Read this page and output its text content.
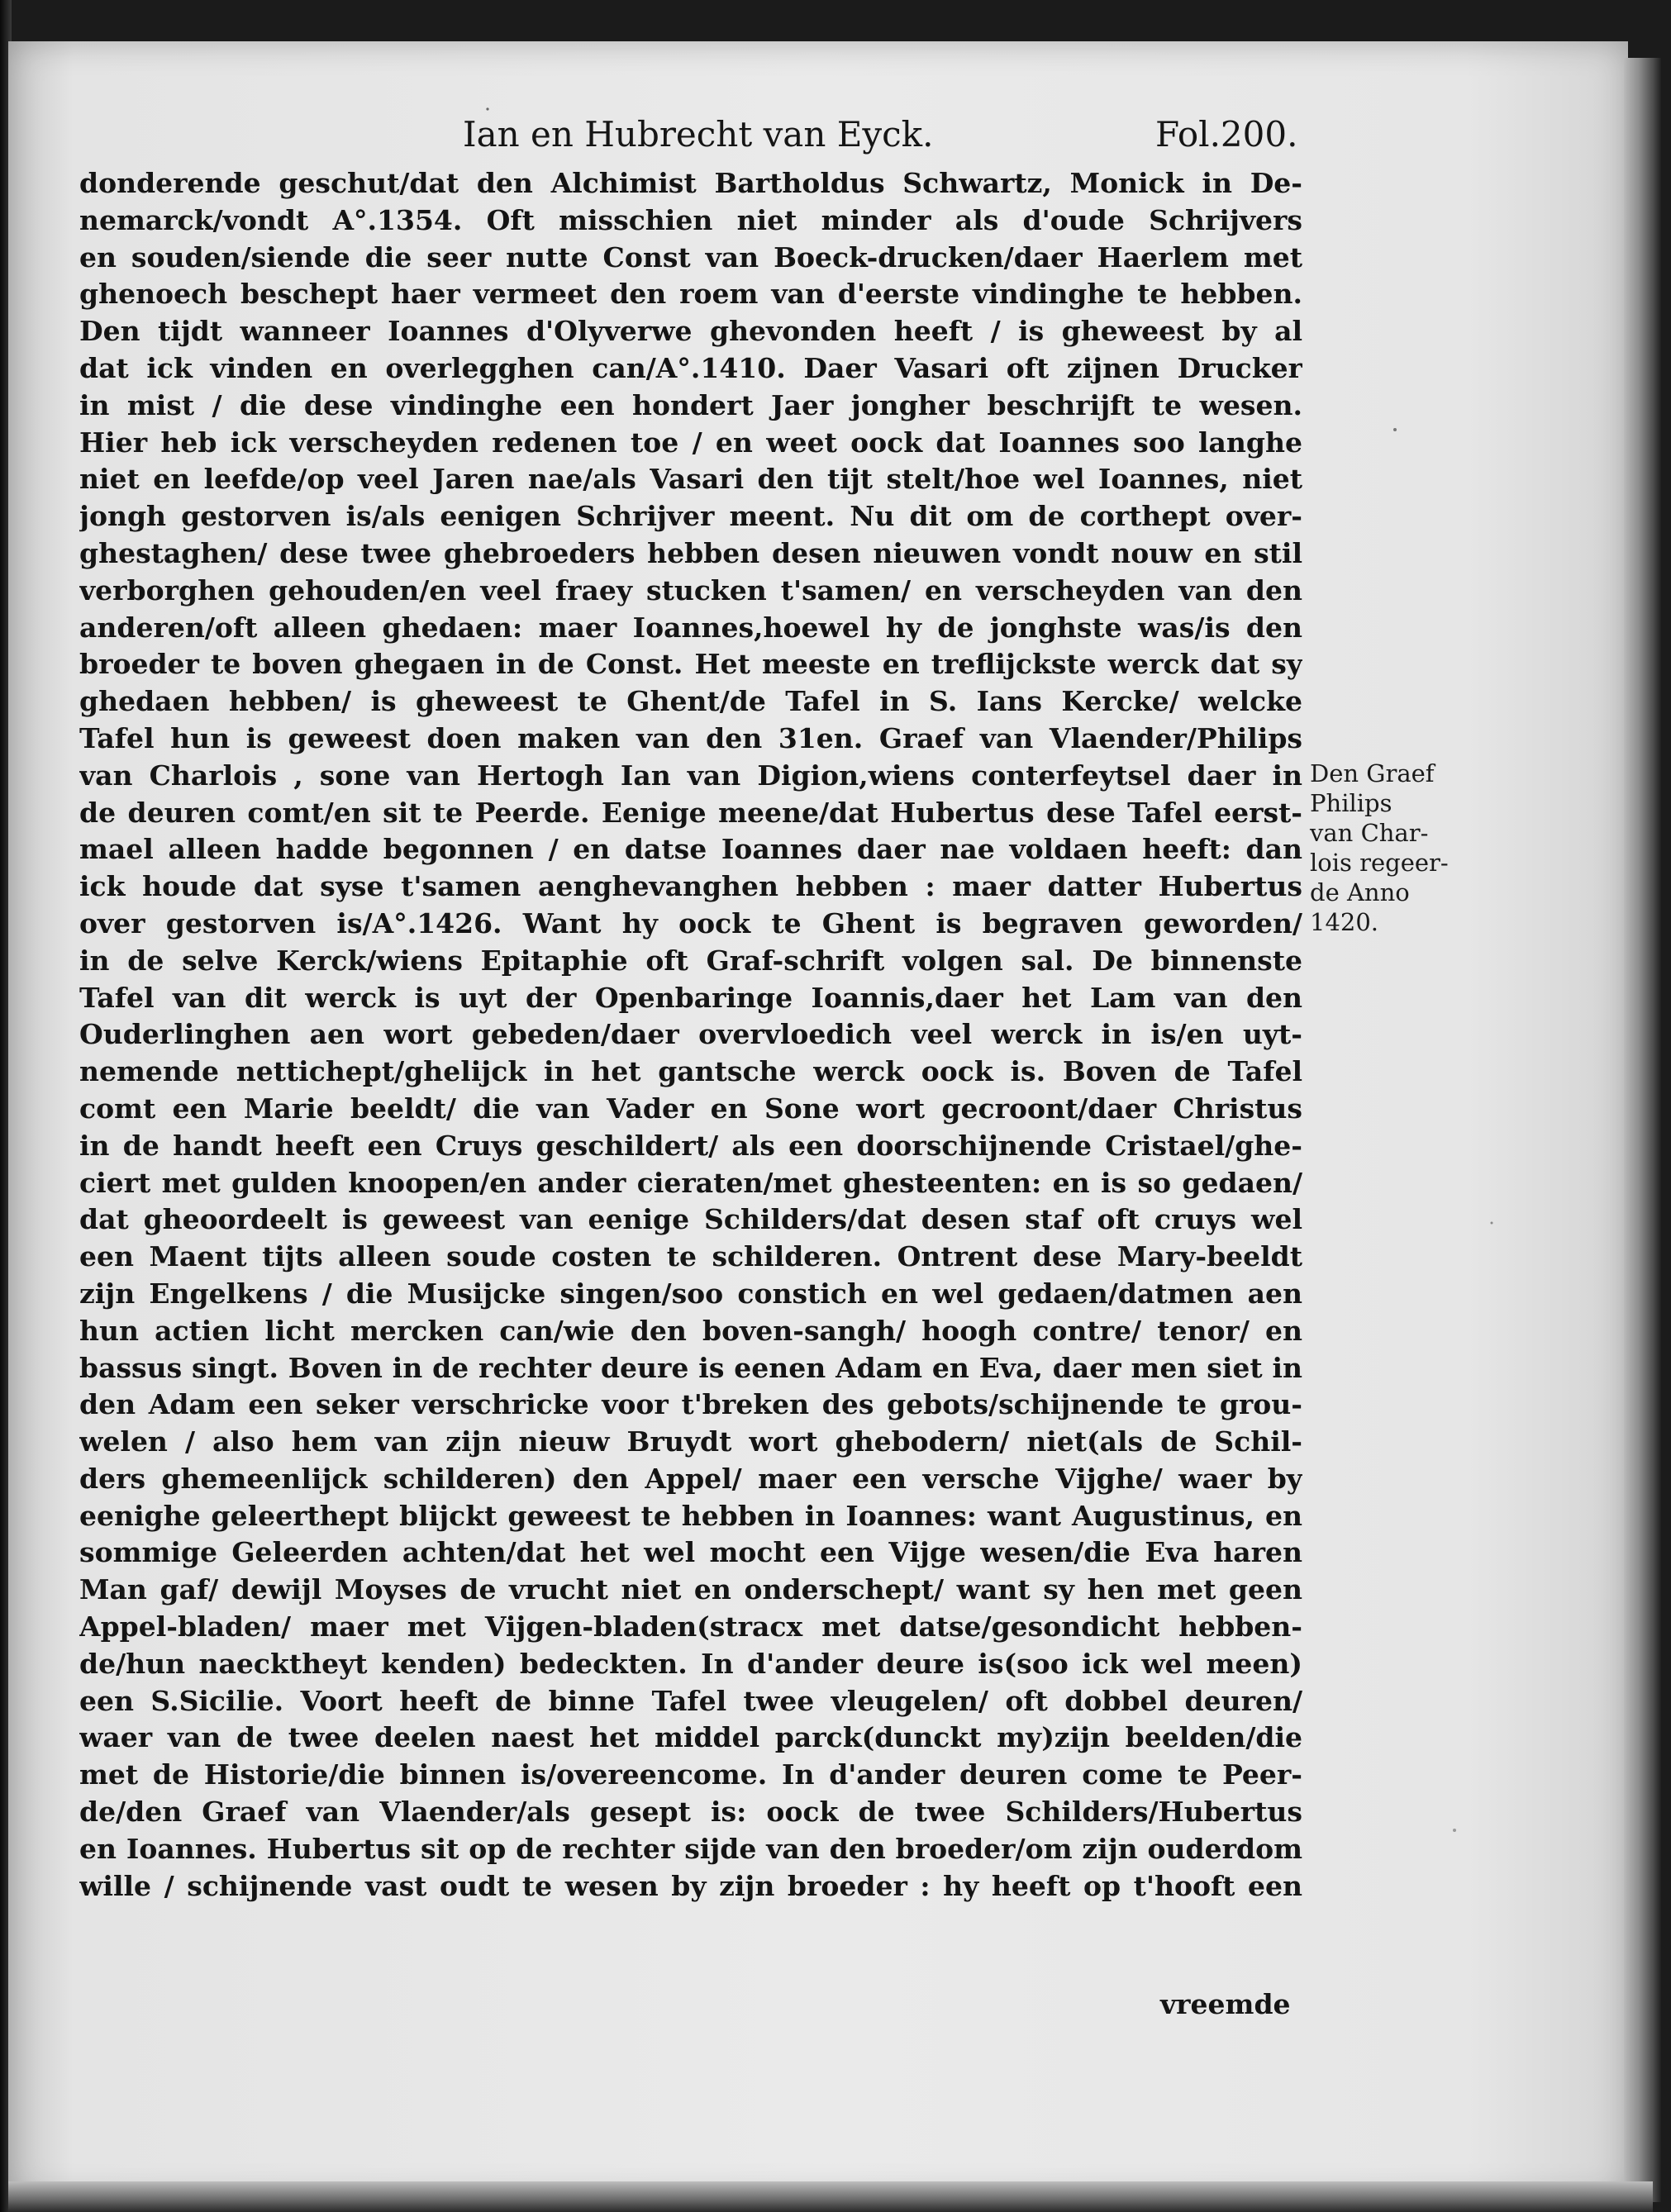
Ian en Hubrecht van Eyck.	Fol.200.
donderende geschut/dat den Alchimist Bartholdus Schwartz, Monick in De-
nemarck/vondt A°.1354. Oft misschien niet minder als d'oude Schrijvers
en souden/siende die seer nutte Const van Boeck-drucken/daer Haerlem met
ghenoech beschept haer vermeet den roem van d'eerste vindinghe te hebben.
Den tijdt wanneer Ioannes d'Olyverwe ghevonden heeft / is gheweest by al
dat ick vinden en overlegghen can/A°.1410. Daer Vasari oft zijnen Drucker
in mist / die dese vindinghe een hondert Jaer jongher beschrijft te wesen.
Hier heb ick verscheyden redenen toe / en weet oock dat Ioannes soo langhe
niet en leefde/op veel Jaren nae/als Vasari den tijt stelt/hoe wel Ioannes, niet
jongh gestorven is/als eenigen Schrijver meent. Nu dit om de corthept over-
ghestaghen/ dese twee ghebroeders hebben desen nieuwen vondt nouw en stil
verborghen gehouden/en veel fraey stucken t'samen/ en verscheyden van den
anderen/oft alleen ghedaen: maer Ioannes,hoewel hy de jonghste was/is den
broeder te boven ghegaen in de Const. Het meeste en treflijckste werck dat sy
ghedaen hebben/ is gheweest te Ghent/de Tafel in S. Ians Kercke/ welcke
Tafel hun is geweest doen maken van den 31en. Graef van Vlaender/Philips
van Charlois , sone van Hertogh Ian van Digion,wiens conterfeytsel daer in
de deuren comt/en sit te Peerde. Eenige meene/dat Hubertus dese Tafel eerst-
mael alleen hadde begonnen / en datse Ioannes daer nae voldaen heeft: dan
ick houde dat syse t'samen aenghevanghen hebben : maer datter Hubertus
over gestorven is/A°.1426. Want hy oock te Ghent is begraven geworden/
in de selve Kerck/wiens Epitaphie oft Graf-schrift volgen sal. De binnenste
Tafel van dit werck is uyt der Openbaringe Ioannis,daer het Lam van den
Ouderlinghen aen wort gebeden/daer overvloedich veel werck in is/en uyt-
nemende nettichept/ghelijck in het gantsche werck oock is. Boven de Tafel
comt een Marie beeldt/ die van Vader en Sone wort gecroont/daer Christus
in de handt heeft een Cruys geschildert/ als een doorschijnende Cristael/ghe-
ciert met gulden knoopen/en ander cieraten/met ghesteenten: en is so gedaen/
dat gheoordeelt is geweest van eenige Schilders/dat desen staf oft cruys wel
een Maent tijts alleen soude costen te schilderen. Ontrent dese Mary-beeldt
zijn Engelkens / die Musijcke singen/soo constich en wel gedaen/datmen aen
hun actien licht mercken can/wie den boven-sangh/ hoogh contre/ tenor/ en
bassus singt. Boven in de rechter deure is eenen Adam en Eva, daer men siet in
den Adam een seker verschricke voor t'breken des gebots/schijnende te grou-
welen / also hem van zijn nieuw Bruydt wort ghebodern/ niet(als de Schil-
ders ghemeenlijck schilderen) den Appel/ maer een versche Vijghe/ waer by
eenighe geleerthept blijckt geweest te hebben in Ioannes: want Augustinus, en
sommige Geleerden achten/dat het wel mocht een Vijge wesen/die Eva haren
Man gaf/ dewijl Moyses de vrucht niet en onderschept/ want sy hen met geen
Appel-bladen/ maer met Vijgen-bladen(stracx met datse/gesondicht hebben-
de/hun naecktheyt kenden) bedeckten. In d'ander deure is(soo ick wel meen)
een S.Sicilie. Voort heeft de binne Tafel twee vleugelen/ oft dobbel deuren/
waer van de twee deelen naest het middel parck(dunckt my)zijn beelden/die
met de Historie/die binnen is/overeencome. In d'ander deuren come te Peer-
de/den Graef van Vlaender/als gesept is: oock de twee Schilders/Hubertus
en Ioannes. Hubertus sit op de rechter sijde van den broeder/om zijn ouderdom
wille / schijnende vast oudt te wesen by zijn broeder : hy heeft op t'hooft een
vreemde
Den Graef
Philips
van Char-
lois regeer-
de Anno
1420.
